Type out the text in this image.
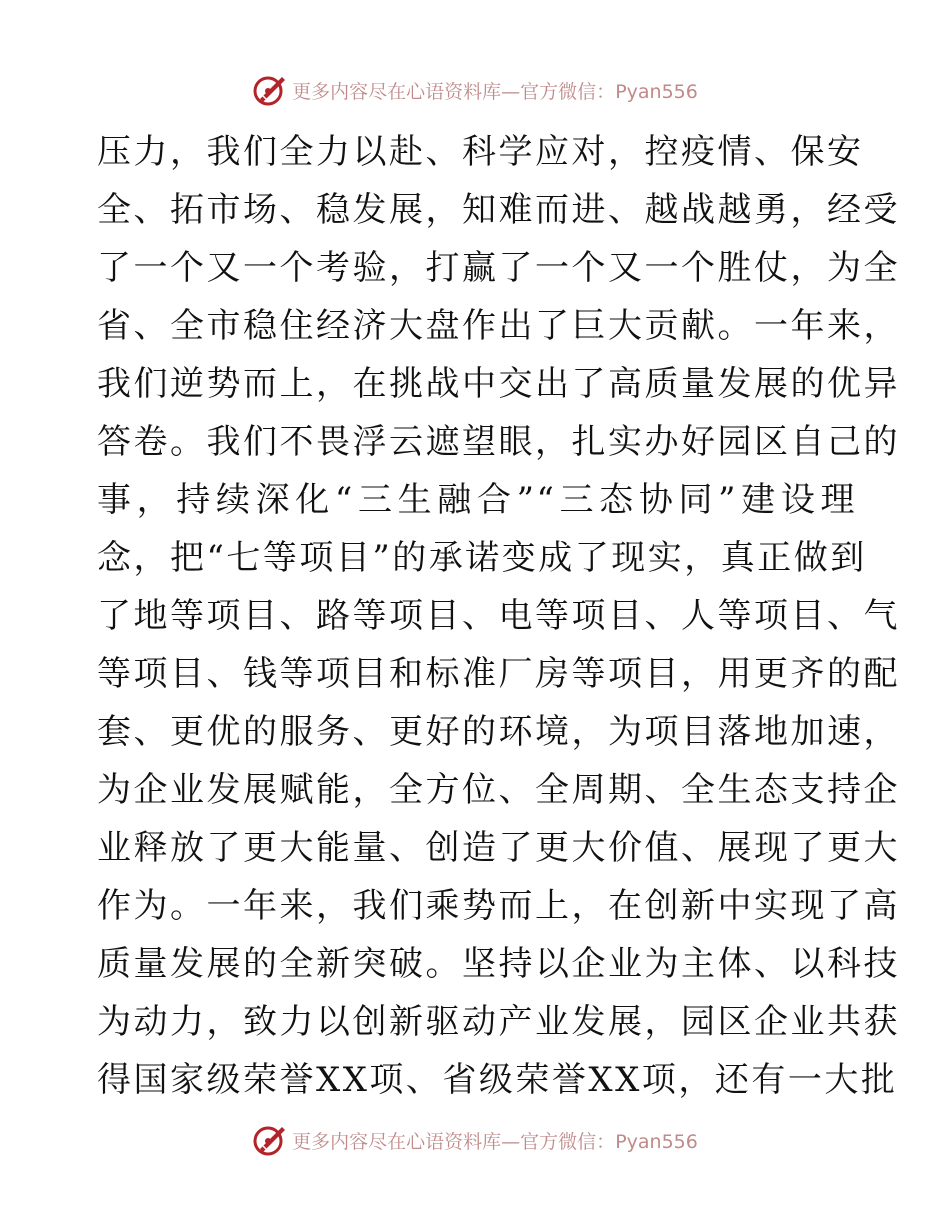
更多内容尽在心语资料库—官方微信：Pyan556
压力，我们全力以赴、科学应对，控疫情、保安
全、拓市场、稳发展，知难而进、越战越勇，经受
了一个又一个考验，打赢了一个又一个胜仗，为全
省、全市稳住经济大盘作出了巨大贡献。一年来，
我们逆势而上，在挑战中交出了高质量发展的优异
答卷。我们不畏浮云遮望眼，扎实办好园区自己的
事，持续深化“三生融合”“三态协同”建设理
念，把“七等项目”的承诺变成了现实，真正做到
了地等项目、路等项目、电等项目、人等项目、气
等项目、钱等项目和标准厂房等项目，用更齐的配
套、更优的服务、更好的环境，为项目落地加速，
为企业发展赋能，全方位、全周期、全生态支持企
业释放了更大能量、创造了更大价值、展现了更大
作为。一年来，我们乘势而上，在创新中实现了高
质量发展的全新突破。坚持以企业为主体、以科技
为动力，致力以创新驱动产业发展，园区企业共获
得国家级荣誉XX项、省级荣誉XX项，还有一大批
更多内容尽在心语资料库—官方微信：Pyan556
